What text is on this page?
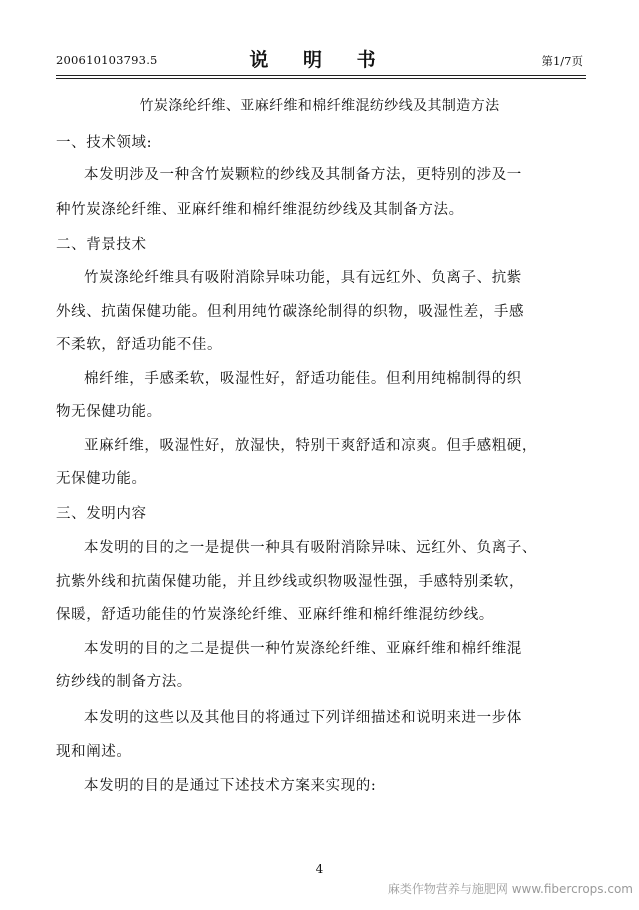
200610103793.5	说 明 书	第1/7页
竹炭涤纶纤维、亚麻纤维和棉纤维混纺纱线及其制造方法
一、技术领域:
本发明涉及一种含竹炭颗粒的纱线及其制备方法，更特别的涉及一
种竹炭涤纶纤维、亚麻纤维和棉纤维混纺纱线及其制备方法。
二、背景技术
竹炭涤纶纤维具有吸附消除异味功能，具有远红外、负离子、抗紫
外线、抗菌保健功能。但利用纯竹碳涤纶制得的织物，吸湿性差，手感
不柔软，舒适功能不佳。
棉纤维，手感柔软，吸湿性好，舒适功能佳。但利用纯棉制得的织
物无保健功能。
亚麻纤维，吸湿性好，放湿快，特别干爽舒适和凉爽。但手感粗硬，
无保健功能。
三、发明内容
本发明的目的之一是提供一种具有吸附消除异味、远红外、负离子、
抗紫外线和抗菌保健功能，并且纱线或织物吸湿性强，手感特别柔软，
保暖，舒适功能佳的竹炭涤纶纤维、亚麻纤维和棉纤维混纺纱线。
本发明的目的之二是提供一种竹炭涤纶纤维、亚麻纤维和棉纤维混
纺纱线的制备方法。
本发明的这些以及其他目的将通过下列详细描述和说明来进一步体
现和阐述。
本发明的目的是通过下述技术方案来实现的:
4
麻类作物营养与施肥网 www.fibercrops.com
